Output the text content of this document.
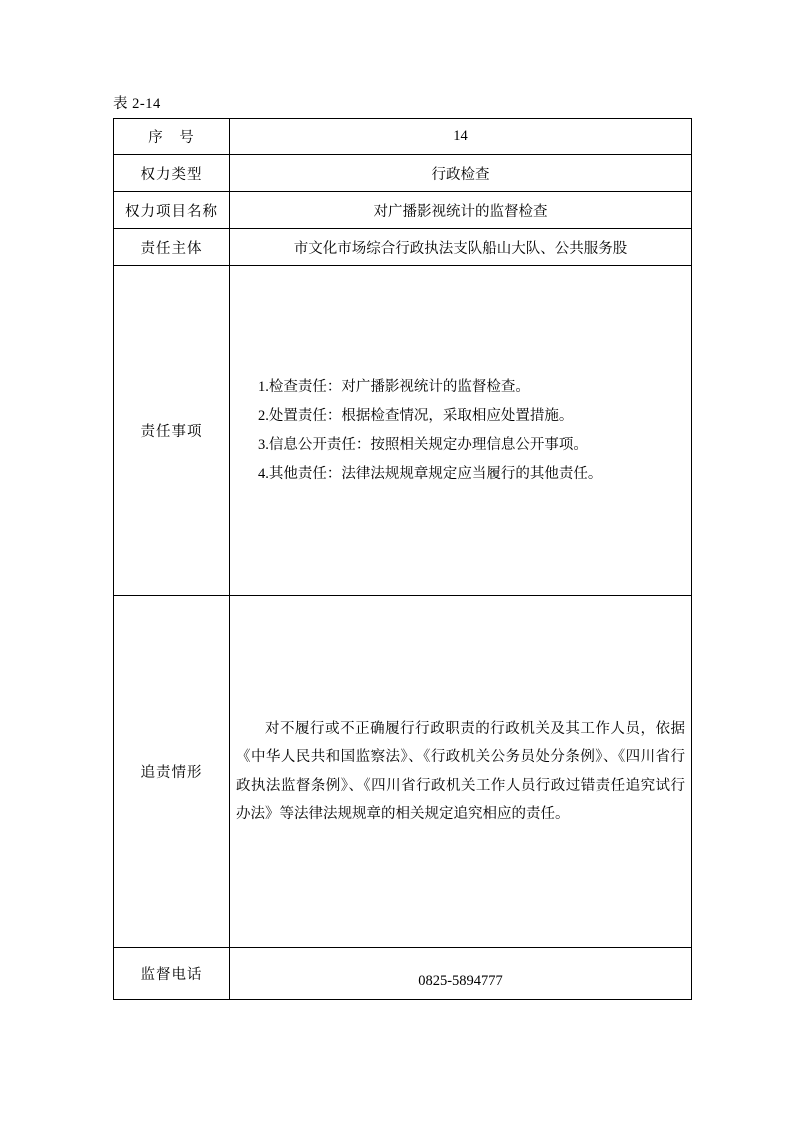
表 2-14
序　号	14
权力类型	行政检查
权力项目名称	对广播影视统计的监督检查
责任主体	市文化市场综合行政执法支队船山大队、公共服务股
责任事项	1.检查责任：对广播影视统计的监督检查。
2.处置责任：根据检查情况，采取相应处置措施。
3.信息公开责任：按照相关规定办理信息公开事项。
4.其他责任：法律法规规章规定应当履行的其他责任。

追责情形	对不履行或不正确履行行政职责的行政机关及其工作人员，依据《中华人民共和国监察法》、《行政机关公务员处分条例》、《四川省行政执法监督条例》、《四川省行政机关工作人员行政过错责任追究试行办法》等法律法规规章的相关规定追究相应的责任。

监督电话	0825-5894777
